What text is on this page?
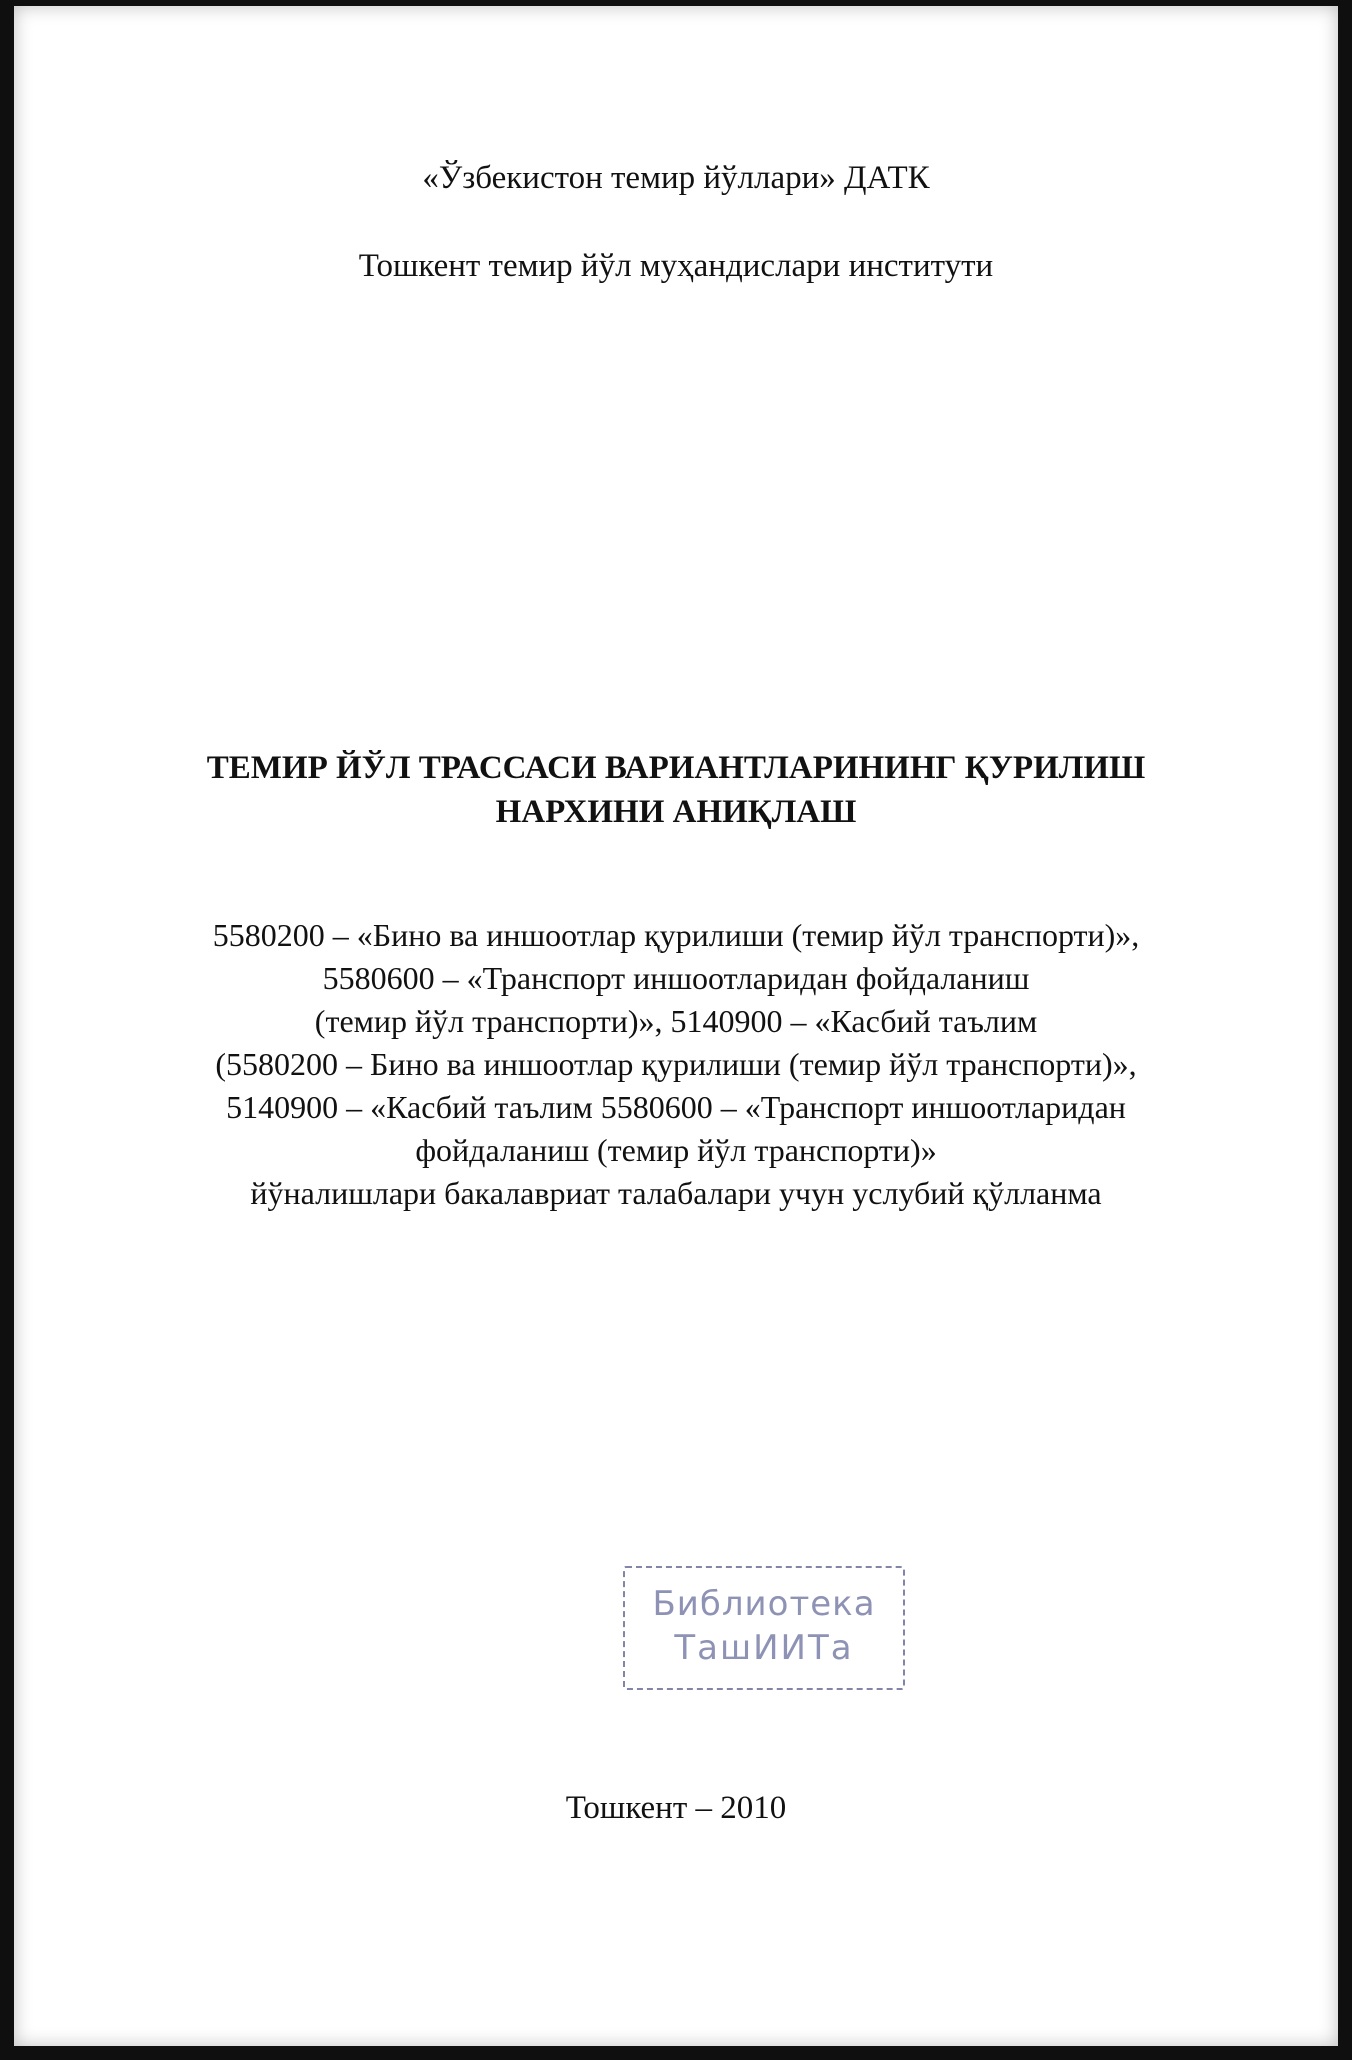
«Ўзбекистон темир йўллари» ДАТК
Тошкент темир йўл муҳандислари институти
ТЕМИР ЙЎЛ ТРАССАСИ ВАРИАНТЛАРИНИНГ ҚУРИЛИШ
НАРХИНИ АНИҚЛАШ
5580200 – «Бино ва иншоотлар қурилиши (темир йўл транспорти)»,
5580600 – «Транспорт иншоотларидан фойдаланиш
(темир йўл транспорти)», 5140900 – «Касбий таълим
(5580200 – Бино ва иншоотлар қурилиши (темир йўл транспорти)»,
5140900 – «Касбий таълим 5580600 – «Транспорт иншоотларидан
фойдаланиш (темир йўл транспорти)»
йўналишлари бакалавриат талабалари учун услубий қўлланма
Библиотека
ТашИИТа
Тошкент – 2010
